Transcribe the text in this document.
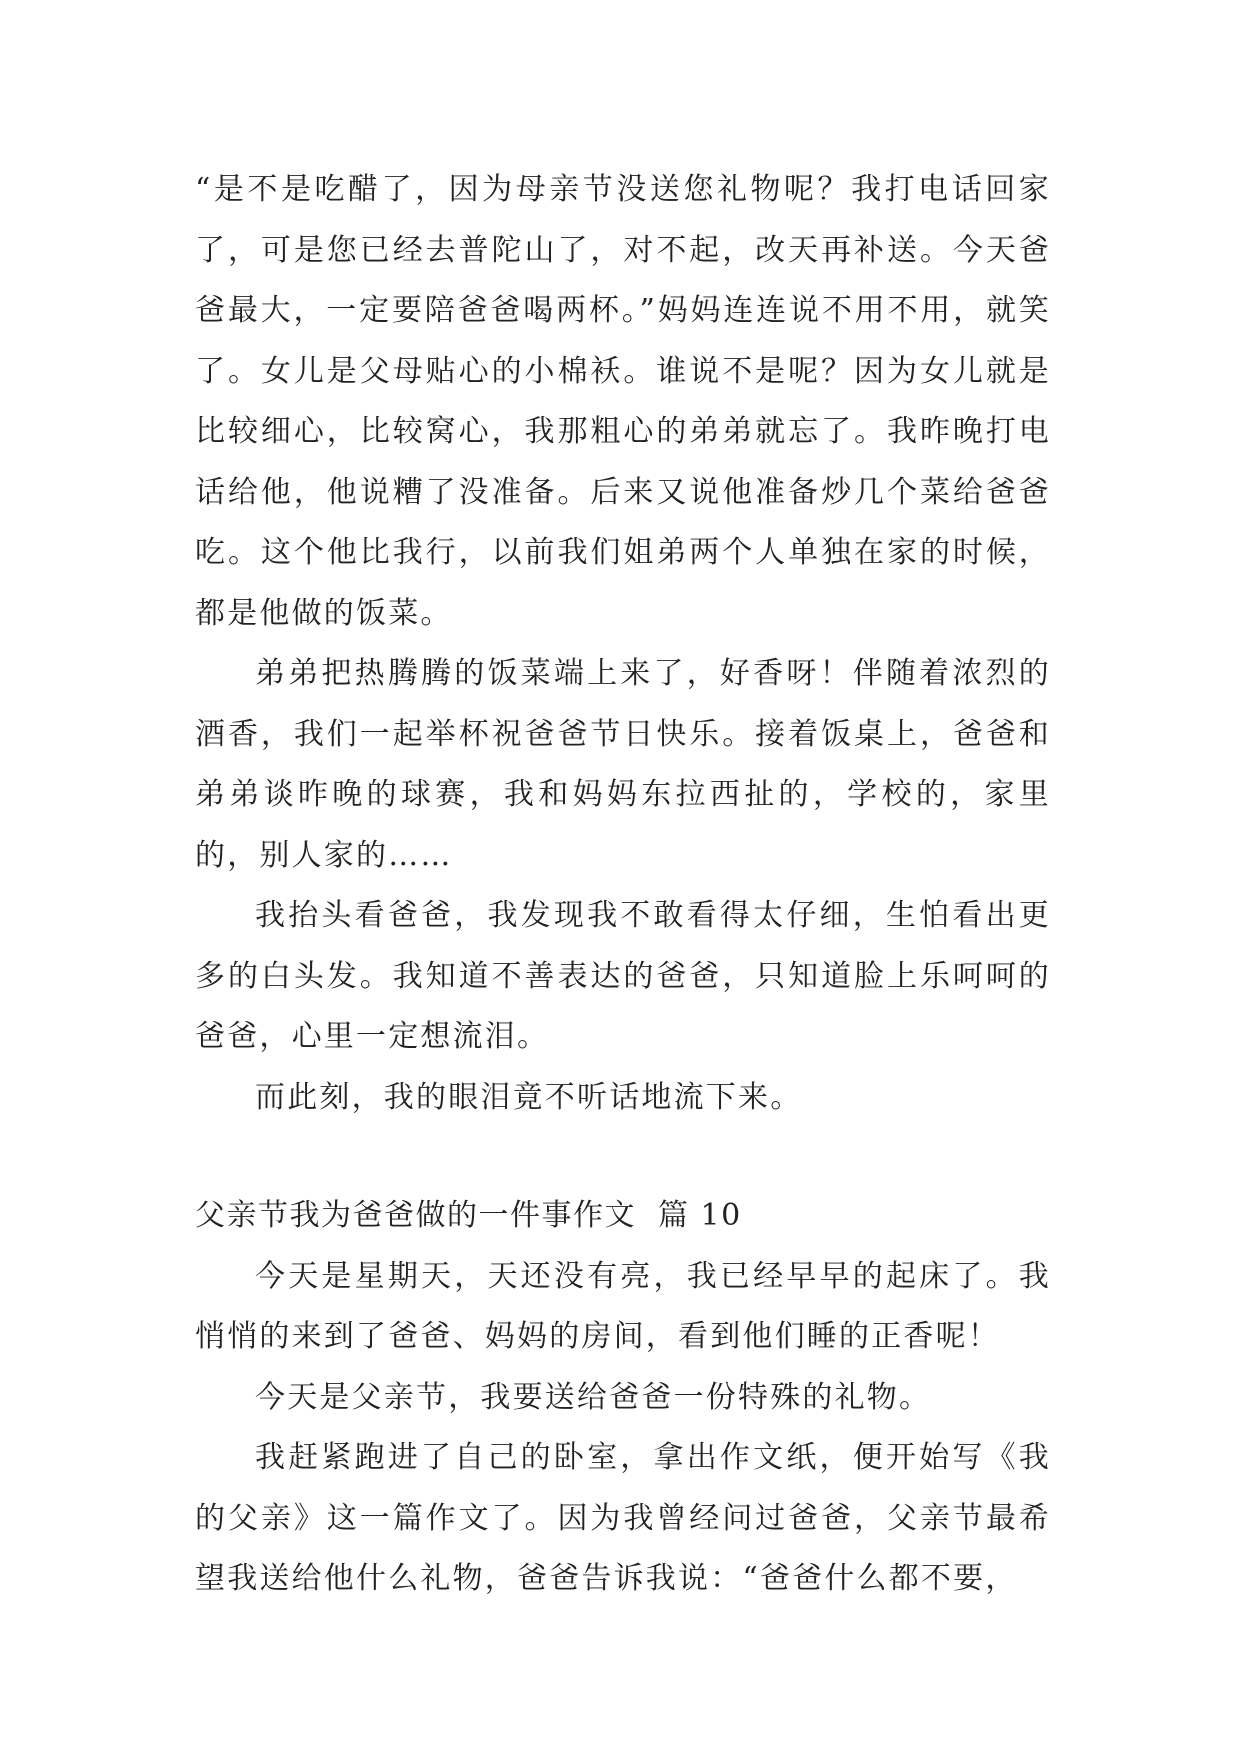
“是不是吃醋了，因为母亲节没送您礼物呢？我打电话回家了，可是您已经去普陀山了，对不起，改天再补送。今天爸爸最大，一定要陪爸爸喝两杯。”妈妈连连说不用不用，就笑了。女儿是父母贴心的小棉袄。谁说不是呢？因为女儿就是比较细心，比较窝心，我那粗心的弟弟就忘了。我昨晚打电话给他，他说糟了没准备。后来又说他准备炒几个菜给爸爸吃。这个他比我行，以前我们姐弟两个人单独在家的时候，都是他做的饭菜。

弟弟把热腾腾的饭菜端上来了，好香呀！伴随着浓烈的酒香，我们一起举杯祝爸爸节日快乐。接着饭桌上，爸爸和弟弟谈昨晚的球赛，我和妈妈东拉西扯的，学校的，家里的，别人家的……

我抬头看爸爸，我发现我不敢看得太仔细，生怕看出更多的白头发。我知道不善表达的爸爸，只知道脸上乐呵呵的爸爸，心里一定想流泪。

而此刻，我的眼泪竟不听话地流下来。

父亲节我为爸爸做的一件事作文 篇 10

今天是星期天，天还没有亮，我已经早早的起床了。我悄悄的来到了爸爸、妈妈的房间，看到他们睡的正香呢！

今天是父亲节，我要送给爸爸一份特殊的礼物。

我赶紧跑进了自己的卧室，拿出作文纸，便开始写《我的父亲》这一篇作文了。因为我曾经问过爸爸，父亲节最希望我送给他什么礼物，爸爸告诉我说：“爸爸什么都不要，
